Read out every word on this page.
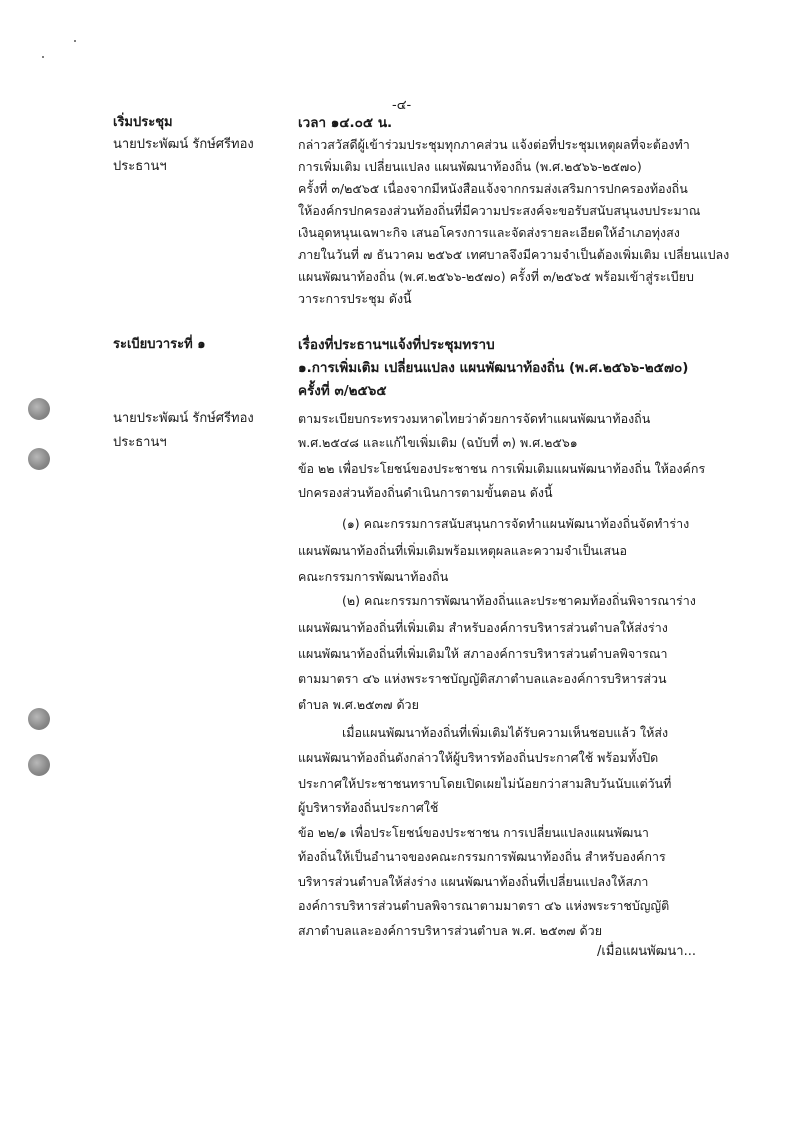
-๔-
เริ่มประชุม
นายประพัฒน์ รักษ์ศรีทอง
ประธานฯ
เวลา ๑๔.๐๕ น.
กล่าวสวัสดีผู้เข้าร่วมประชุมทุกภาคส่วน แจ้งต่อที่ประชุมเหตุผลที่จะต้องทำ
การเพิ่มเติม เปลี่ยนแปลง แผนพัฒนาท้องถิ่น (พ.ศ.๒๕๖๖-๒๕๗๐)
ครั้งที่ ๓/๒๕๖๕ เนื่องจากมีหนังสือแจ้งจากกรมส่งเสริมการปกครองท้องถิ่น
ให้องค์กรปกครองส่วนท้องถิ่นที่มีความประสงค์จะขอรับสนับสนุนงบประมาณ
เงินอุดหนุนเฉพาะกิจ เสนอโครงการและจัดส่งรายละเอียดให้อำเภอทุ่งสง
ภายในวันที่ ๗ ธันวาคม ๒๕๖๕ เทศบาลจึงมีความจำเป็นต้องเพิ่มเติม เปลี่ยนแปลง
แผนพัฒนาท้องถิ่น (พ.ศ.๒๕๖๖-๒๕๗๐) ครั้งที่ ๓/๒๕๖๕ พร้อมเข้าสู่ระเบียบ
วาระการประชุม ดังนี้
ระเบียบวาระที่ ๑	เรื่องที่ประธานฯแจ้งที่ประชุมทราบ
๑.การเพิ่มเติม เปลี่ยนแปลง แผนพัฒนาท้องถิ่น (พ.ศ.๒๕๖๖-๒๕๗๐)
ครั้งที่ ๓/๒๕๖๕
นายประพัฒน์ รักษ์ศรีทอง
ประธานฯ
ตามระเบียบกระทรวงมหาดไทยว่าด้วยการจัดทำแผนพัฒนาท้องถิ่น
พ.ศ.๒๕๔๘ และแก้ไขเพิ่มเติม (ฉบับที่ ๓) พ.ศ.๒๕๖๑
ข้อ ๒๒ เพื่อประโยชน์ของประชาชน การเพิ่มเติมแผนพัฒนาท้องถิ่น ให้องค์กร
ปกครองส่วนท้องถิ่นดำเนินการตามขั้นตอน ดังนี้
(๑) คณะกรรมการสนับสนุนการจัดทำแผนพัฒนาท้องถิ่นจัดทำร่าง
แผนพัฒนาท้องถิ่นที่เพิ่มเติมพร้อมเหตุผลและความจำเป็นเสนอ
คณะกรรมการพัฒนาท้องถิ่น
(๒) คณะกรรมการพัฒนาท้องถิ่นและประชาคมท้องถิ่นพิจารณาร่าง
แผนพัฒนาท้องถิ่นที่เพิ่มเติม สำหรับองค์การบริหารส่วนตำบลให้ส่งร่าง
แผนพัฒนาท้องถิ่นที่เพิ่มเติมให้ สภาองค์การบริหารส่วนตำบลพิจารณา
ตามมาตรา ๔๖ แห่งพระราชบัญญัติสภาตำบลและองค์การบริหารส่วน
ตำบล พ.ศ.๒๕๓๗ ด้วย
เมื่อแผนพัฒนาท้องถิ่นที่เพิ่มเติมได้รับความเห็นชอบแล้ว ให้ส่ง
แผนพัฒนาท้องถิ่นดังกล่าวให้ผู้บริหารท้องถิ่นประกาศใช้ พร้อมทั้งปิด
ประกาศให้ประชาชนทราบโดยเปิดเผยไม่น้อยกว่าสามสิบวันนับแต่วันที่
ผู้บริหารท้องถิ่นประกาศใช้
ข้อ ๒๒/๑ เพื่อประโยชน์ของประชาชน การเปลี่ยนแปลงแผนพัฒนา
ท้องถิ่นให้เป็นอำนาจของคณะกรรมการพัฒนาท้องถิ่น สำหรับองค์การ
บริหารส่วนตำบลให้ส่งร่าง แผนพัฒนาท้องถิ่นที่เปลี่ยนแปลงให้สภา
องค์การบริหารส่วนตำบลพิจารณาตามมาตรา ๔๖ แห่งพระราชบัญญัติ
สภาตำบลและองค์การบริหารส่วนตำบล พ.ศ. ๒๕๓๗ ด้วย
/เมื่อแผนพัฒนา...
